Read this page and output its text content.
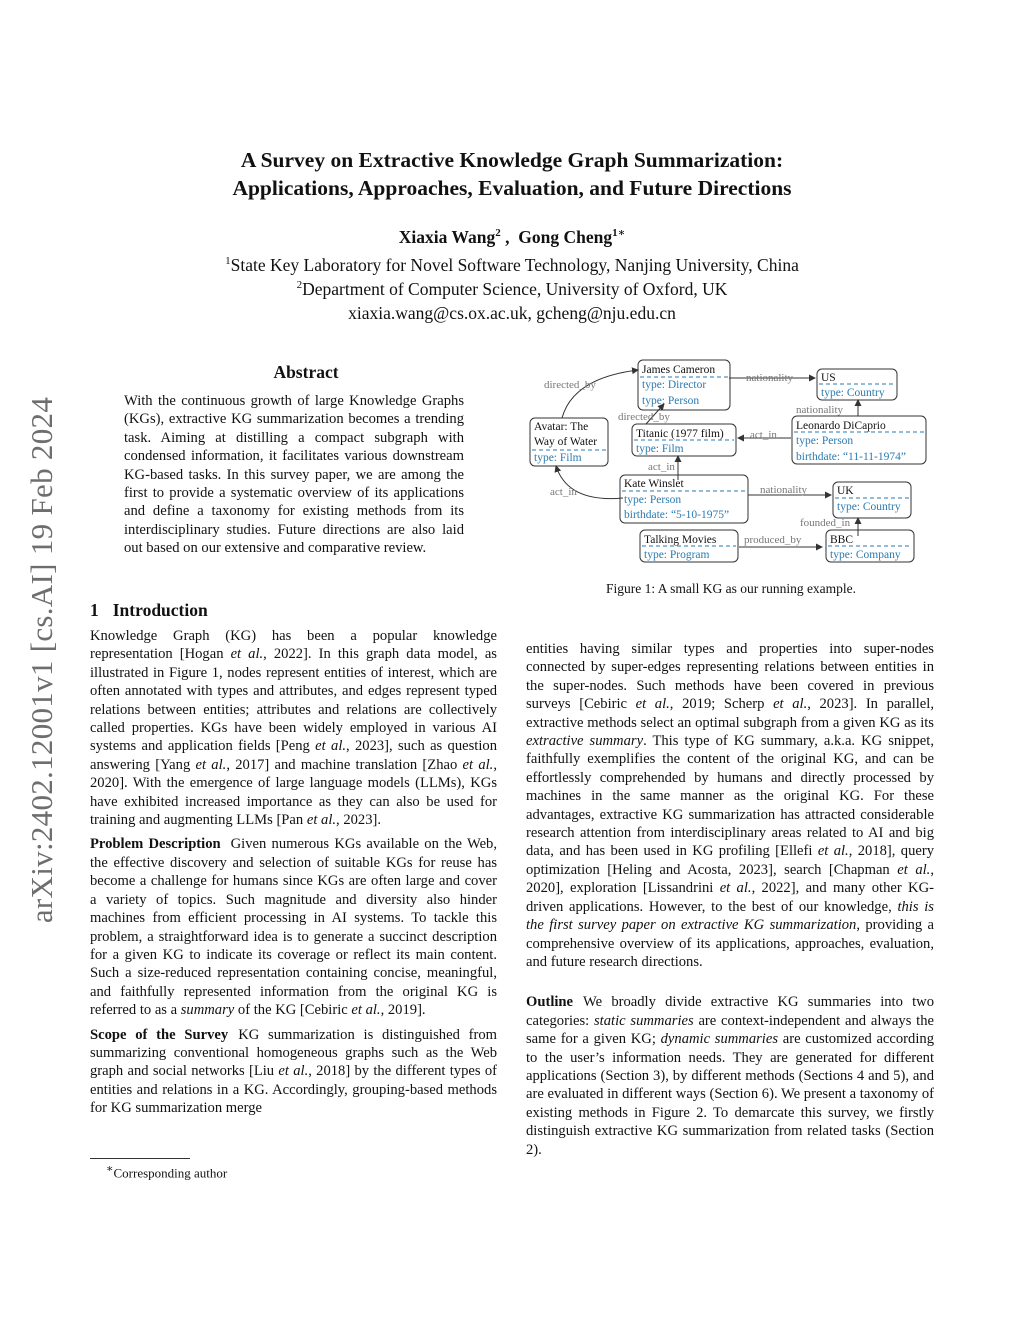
arXiv:2402.12001v1 [cs.AI] 19 Feb 2024
A Survey on Extractive Knowledge Graph Summarization:
Applications, Approaches, Evaluation, and Future Directions
Xiaxia Wang$^2$ ,  Gong Cheng$^{1∗}$
$^1$State Key Laboratory for Novel Software Technology, Nanjing University, China
$^2$Department of Computer Science, University of Oxford, UK
xiaxia.wang@cs.ox.ac.uk, gcheng@nju.edu.cn
Abstract
With the continuous growth of large Knowledge Graphs (KGs), extractive KG summarization becomes a trending task. Aiming at distilling a compact subgraph with condensed information, it facilitates various downstream KG-based tasks. In this survey paper, we are among the first to provide a systematic overview of its applications and define a taxonomy for existing methods from its interdisciplinary studies. Future directions are also laid out based on our extensive and comparative review.
1 Introduction

Knowledge Graph (KG) has been a popular knowledge representation [Hogan et al., 2022]. In this graph data model, as illustrated in Figure 1, nodes represent entities of interest, which are often annotated with types and attributes, and edges represent typed relations between entities; attributes and relations are collectively called properties. KGs have been widely employed in various AI systems and application fields [Peng et al., 2023], such as question answering [Yang et al., 2017] and machine translation [Zhao et al., 2020]. With the emergence of large language models (LLMs), KGs have exhibited increased importance as they can also be used for training and augmenting LLMs [Pan et al., 2023].

Problem Description Given numerous KGs available on the Web, the effective discovery and selection of suitable KGs for reuse has become a challenge for humans since KGs are often large and cover a variety of topics. Such magnitude and diversity also hinder machines from efficient processing in AI systems. To tackle this problem, a straightforward idea is to generate a succinct description for a given KG to indicate its coverage or reflect its main content. Such a size-reduced representation containing concise, meaningful, and faithfully represented information from the original KG is referred to as a summary of the KG [Cebiric et al., 2019].

Scope of the Survey KG summarization is distinguished from summarizing conventional homogeneous graphs such as the Web graph and social networks [Liu et al., 2018] by the different types of entities and relations in a KG. Accordingly, grouping-based methods for KG summarization merge

∗Corresponding author
James Cameron
type: Director
type: Person
US
type: Country
Avatar: The
Way of Water
type: Film
Titanic (1977 film)
type: Film
Leonardo DiCaprio
type: Person
birthdate: “11-11-1974”
Kate Winslet
type: Person
birthdate: “5-10-1975”
UK
type: Country
Talking Movies
type: Program
BBC
type: Company
directed_by
directed_by
nationality
nationality
nationality
act_in
act_in
act_in
founded_in
produced_by
Figure 1: A small KG as our running example.

entities having similar types and properties into super-nodes connected by super-edges representing relations between entities in the super-nodes. Such methods have been covered in previous surveys [Cebiric et al., 2019; Scherp et al., 2023]. In parallel, extractive methods select an optimal subgraph from a given KG as its extractive summary. This type of KG summary, a.k.a. KG snippet, faithfully exemplifies the content of the original KG, and can be effortlessly comprehended by humans and directly processed by machines in the same manner as the original KG. For these advantages, extractive KG summarization has attracted considerable research attention from interdisciplinary areas related to AI and big data, and has been used in KG profiling [Ellefi et al., 2018], query optimization [Heling and Acosta, 2023], search [Chapman et al., 2020], exploration [Lissandrini et al., 2022], and many other KG-driven applications. However, to the best of our knowledge, this is the first survey paper on extractive KG summarization, providing a comprehensive overview of its applications, approaches, evaluation, and future research directions.

Outline We broadly divide extractive KG summaries into two categories: static summaries are context-independent and always the same for a given KG; dynamic summaries are customized according to the user’s information needs. They are generated for different applications (Section 3), by different methods (Sections 4 and 5), and are evaluated in different ways (Section 6). We present a taxonomy of existing methods in Figure 2. To demarcate this survey, we firstly distinguish extractive KG summarization from related tasks (Section 2).
